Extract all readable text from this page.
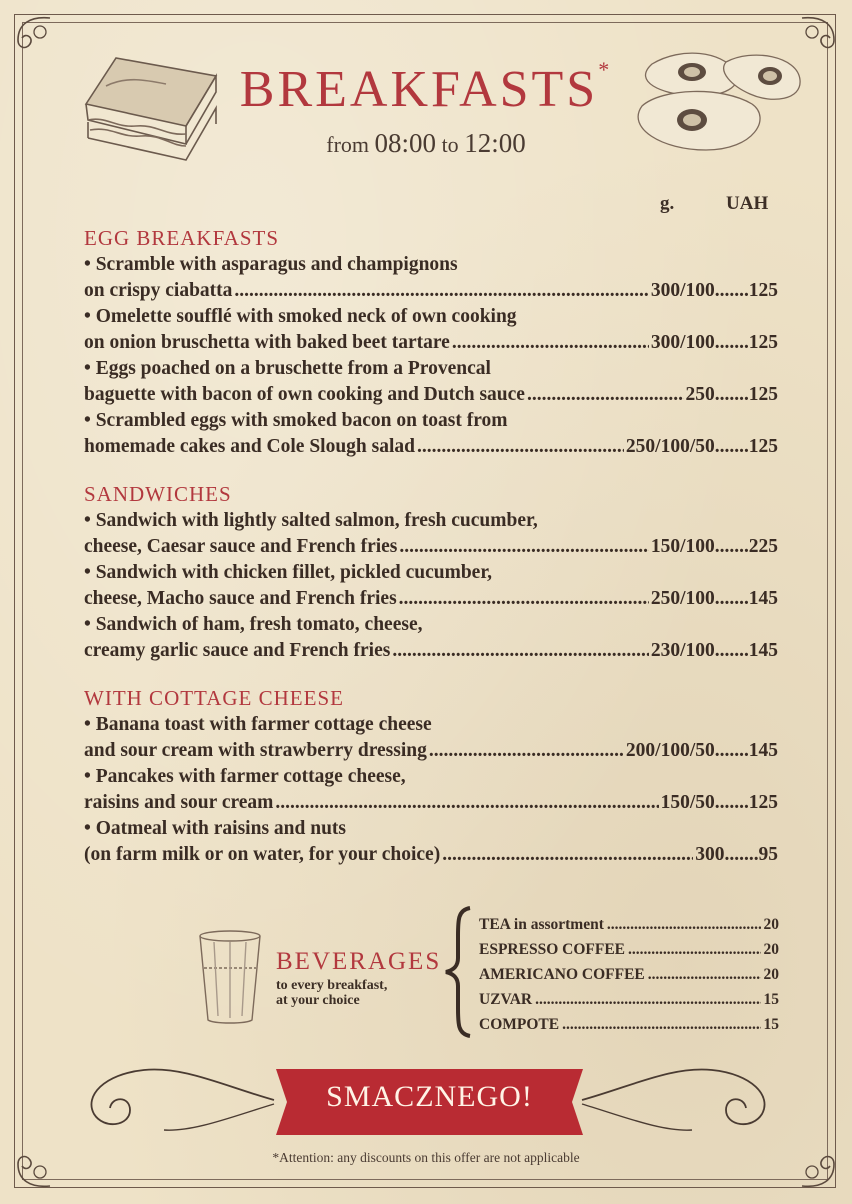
BREAKFASTS*
from 08:00 to 12:00
g.	UAH
EGG BREAKFASTS
• Scramble with asparagus and champignons
on crispy ciabatta .....	300/100 ..... 125
• Omelette soufflé with smoked neck of own cooking
on onion bruschetta with baked beet tartare .....	300/100 ..... 125
• Eggs poached on a bruschette from a Provencal
baguette with bacon of own cooking and Dutch sauce .....	250 ..... 125
• Scrambled eggs with smoked bacon on toast from
homemade cakes and Cole Slough salad .....	250/100/50 ..... 125
SANDWICHES
• Sandwich with lightly salted salmon, fresh cucumber,
cheese, Caesar sauce and French fries .....	150/100 ..... 225
• Sandwich with chicken fillet, pickled cucumber,
cheese, Macho sauce and French fries .....	250/100 ..... 145
• Sandwich of ham, fresh tomato, cheese,
creamy garlic sauce and French fries .....	230/100 ..... 145
WITH COTTAGE CHEESE
• Banana toast with farmer cottage cheese
and sour cream with strawberry dressing .....	200/100/50 ..... 145
• Pancakes with farmer cottage cheese,
raisins and sour cream .....	150/50 ..... 125
• Oatmeal with raisins and nuts
(on farm milk or on water, for your choice) .....	300 ..... 95
BEVERAGES
to every breakfast,
at your choice
TEA in assortment .....	20
ESPRESSO COFFEE .....	20
AMERICANO COFFEE .....	20
UZVAR .....	15
COMPOTE .....	15
SMACZNEGO!
*Attention: any discounts on this offer are not applicable
